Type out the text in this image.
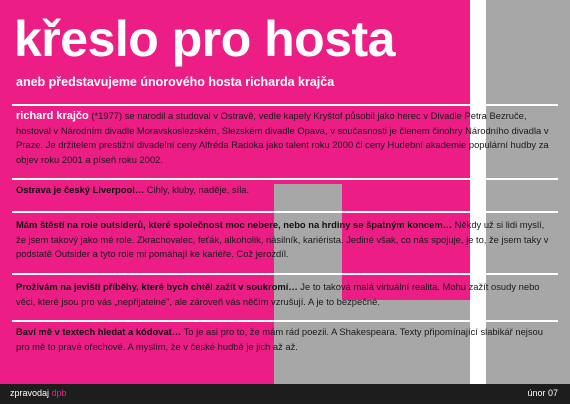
křeslo pro hosta
aneb představujeme únorového hosta richarda krajča
richard krajčo (*1977) se narodil a studoval v Ostravě, vedle kapely Kryštof působil jako herec v Divadle Petra Bezruče, hostoval v Národním divadle Moravskoslezském, Slezském divadle Opava, v současnosti je členem činohry Národního divadla v Praze. Je držitelem prestižní divadelní ceny Alfréda Radoka jako talent roku 2000 či ceny Hudební akademie populární hudby za objev roku 2001 a píseň roku 2002.
Ostrava je český Liverpool… Cihly, kluby, naděje, síla.
Mám štěstí na role outsiderů, které společnost moc nebere, nebo na hrdiny se špatným koncem… Někdy už si lidi myslí, že jsem takový jako mé role. Zkrachovalec, feťák, alkoholik, násilník, kariérista. Jediné však, co nás spojuje, je to, že jsem taky v podstatě Outsider a tyto role mi pomáhají ke kariéře. Což jerozdíl.
Prožívám na jevišti příběhy, které bych chtěl zažít v soukromí… Je to taková malá virtuální realita. Mohu zažít osudy nebo věci, které jsou pro vás „nepřijatelné", ale zároveň vás něčím vzrušují. A je to bezpečné.
Baví mě v textech hledat a kódovat… To je asi pro to, že mám rád poezii. A Shakespeara. Texty připomínající slabikář nejsou pro mě to pravé ořechové. A myslím, že v české hudbě je jich až až.
zpravodaj dpb	únor 07
